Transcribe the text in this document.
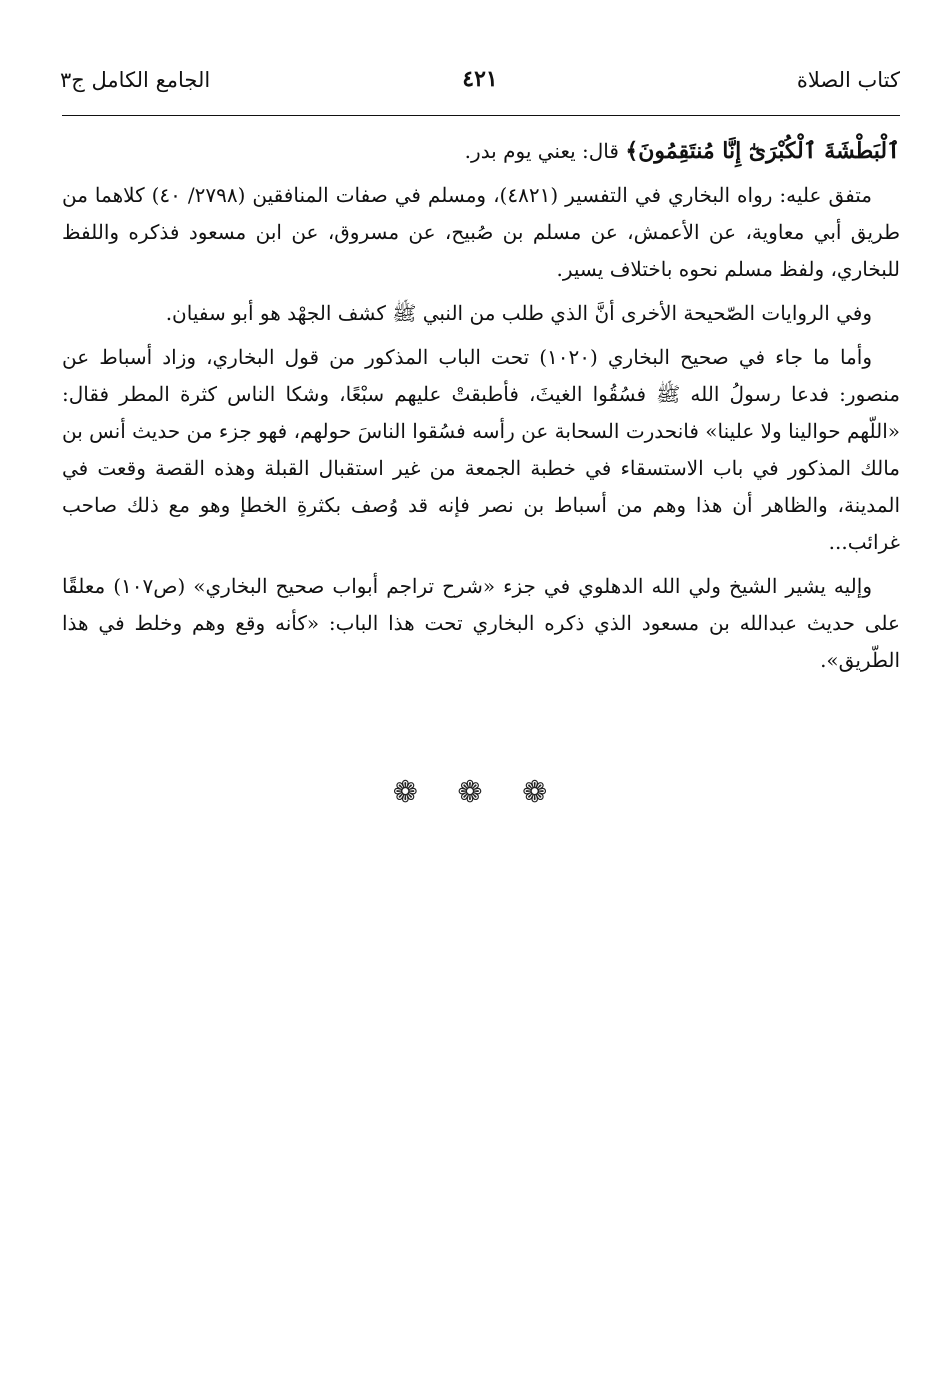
كتاب الصلاة
٤٢١
الجامع الكامل ج٣

ٱلْبَطْشَةَ ٱلْكُبْرَىٰٓ إِنَّا مُنتَقِمُونَ﴾ قال: يعني يوم بدر.

متفق عليه: رواه البخاري في التفسير (٤٨٢١)، ومسلم في صفات المنافقين (٢٧٩٨/ ٤٠) كلاهما من طريق أبي معاوية، عن الأعمش، عن مسلم بن صُبيح، عن مسروق، عن ابن مسعود فذكره واللفظ للبخاري، ولفظ مسلم نحوه باختلاف يسير.

وفي الروايات الصّحيحة الأخرى أنَّ الذي طلب من النبي ﷺ كشف الجهْد هو أبو سفيان.

وأما ما جاء في صحيح البخاري (١٠٢٠) تحت الباب المذكور من قول البخاري، وزاد أسباط عن منصور: فدعا رسولُ الله ﷺ فسُقُوا الغيثَ، فأطبقتْ عليهم سبْعًا، وشكا الناس كثرة المطر فقال: «اللّهم حوالينا ولا علينا» فانحدرت السحابة عن رأسه فسُقوا الناسَ حولهم، فهو جزء من حديث أنس بن مالك المذكور في باب الاستسقاء في خطبة الجمعة من غير استقبال القبلة وهذه القصة وقعت في المدينة، والظاهر أن هذا وهم من أسباط بن نصر فإنه قد وُصف بكثرةِ الخطإ وهو مع ذلك صاحب غرائب...

وإليه يشير الشيخ ولي الله الدهلوي في جزء «شرح تراجم أبواب صحيح البخاري» (ص١٠٧) معلقًا على حديث عبدالله بن مسعود الذي ذكره البخاري تحت هذا الباب: «كأنه وقع وهم وخلط في هذا الطّريق».

❁ ❁ ❁
